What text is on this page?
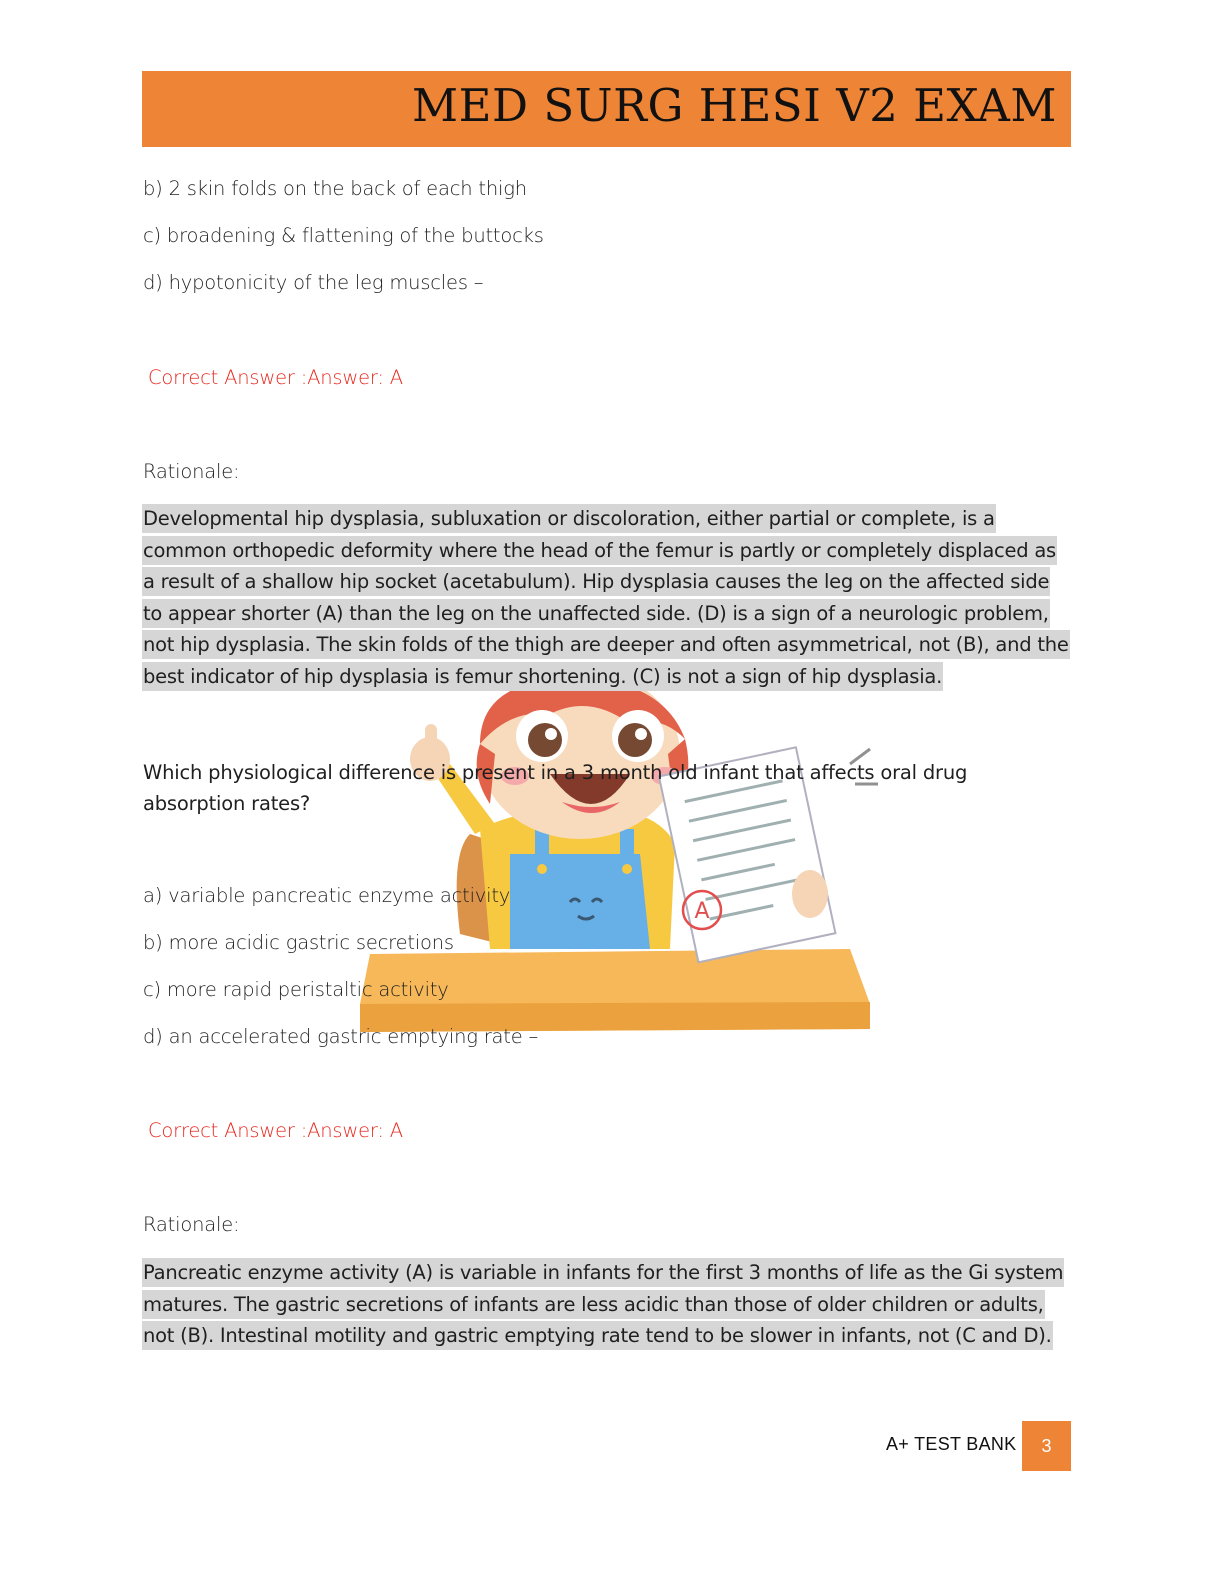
MED SURG HESI V2 EXAM
b) 2 skin folds on the back of each thigh
c) broadening & flattening of the buttocks
d) hypotonicity of the leg muscles –
Correct Answer :Answer: A
Rationale:
Developmental hip dysplasia, subluxation or discoloration, either partial or complete, is a common orthopedic deformity where the head of the femur is partly or completely displaced as a result of a shallow hip socket (acetabulum). Hip dysplasia causes the leg on the affected side to appear shorter (A) than the leg on the unaffected side. (D) is a sign of a neurologic problem, not hip dysplasia. The skin folds of the thigh are deeper and often asymmetrical, not (B), and the best indicator of hip dysplasia is femur shortening. (C) is not a sign of hip dysplasia.
A
Which physiological difference is present in a 3 month old infant that affects oral drug absorption rates?
a) variable pancreatic enzyme activity
b) more acidic gastric secretions
c) more rapid peristaltic activity
d) an accelerated gastric emptying rate –
Correct Answer :Answer: A
Rationale:
Pancreatic enzyme activity (A) is variable in infants for the first 3 months of life as the Gi system matures. The gastric secretions of infants are less acidic than those of older children or adults, not (B). Intestinal motility and gastric emptying rate tend to be slower in infants, not (C and D).
A+ TEST BANK	3
